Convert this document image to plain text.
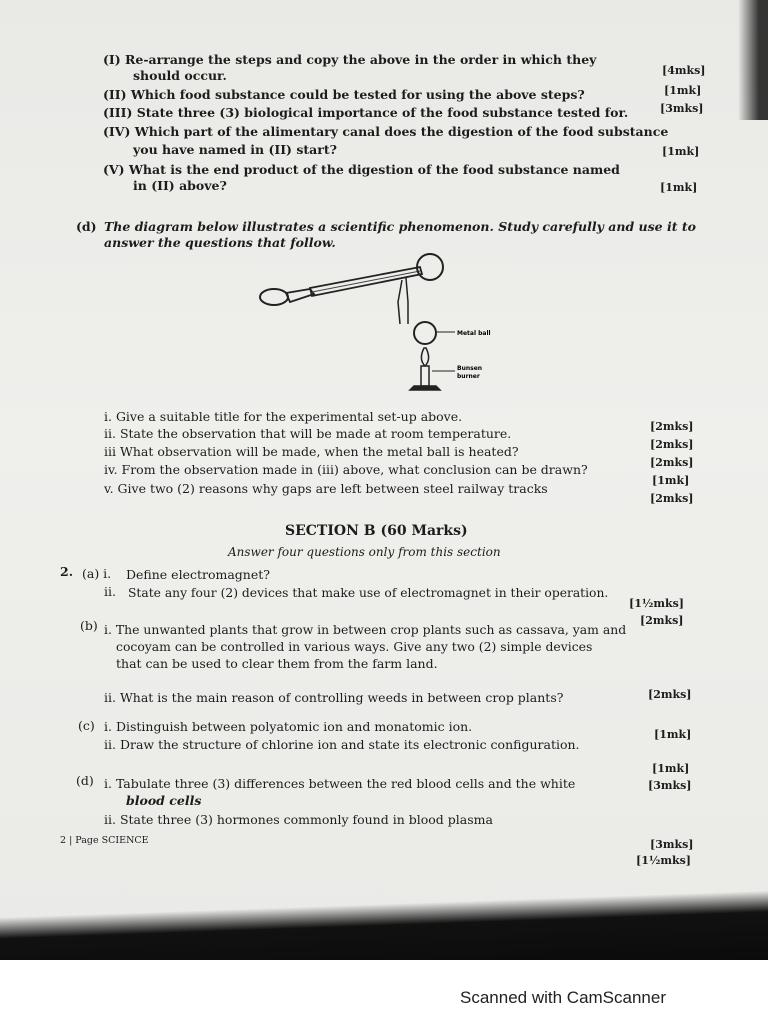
(I) Re-arrange the steps and copy the above in the order in which they
should occur.	[4mks]
(II) Which food substance could be tested for using the above steps?	[1mk]
(III) State three (3) biological importance of the food substance tested for.	[3mks]
(IV) Which part of the alimentary canal does the digestion of the food substance
you have named in (II) start?	[1mk]
(V) What is the end product of the digestion of the food substance named
in (II) above?	[1mk]
(d) The diagram below illustrates a scientific phenomenon. Study carefully and use it to
answer the questions that follow.
Metal ball
Bunsen
burner
i. Give a suitable title for the experimental set-up above.
[2mks]
ii. State the observation that will be made at room temperature.
[2mks]
iii What observation will be made, when the metal ball is heated?
[2mks]
iv. From the observation made in (iii) above, what conclusion can be drawn?
[1mk]
v. Give two (2) reasons why gaps are left between steel railway tracks
[2mks]
SECTION B (60 Marks)
Answer four questions only from this section
2. (a) i. Define electromagnet?
ii. State any four (2) devices that make use of electromagnet in their operation.
[1½mks]
[2mks]
(b) i. The unwanted plants that grow in between crop plants such as cassava, yam and
cocoyam can be controlled in various ways. Give any two (2) simple devices
that can be used to clear them from the farm land.
ii. What is the main reason of controlling weeds in between crop plants?	[2mks]
(c) i. Distinguish between polyatomic ion and monatomic ion.
ii. Draw the structure of chlorine ion and state its electronic configuration.
[1mk]
[1mk]
[3mks]
(d) i. Tabulate three (3) differences between the red blood cells and the white
blood cells
ii. State three (3) hormones commonly found in blood plasma
[3mks]
[1½mks]
2 | Page SCIENCE
Scanned with CamScanner
